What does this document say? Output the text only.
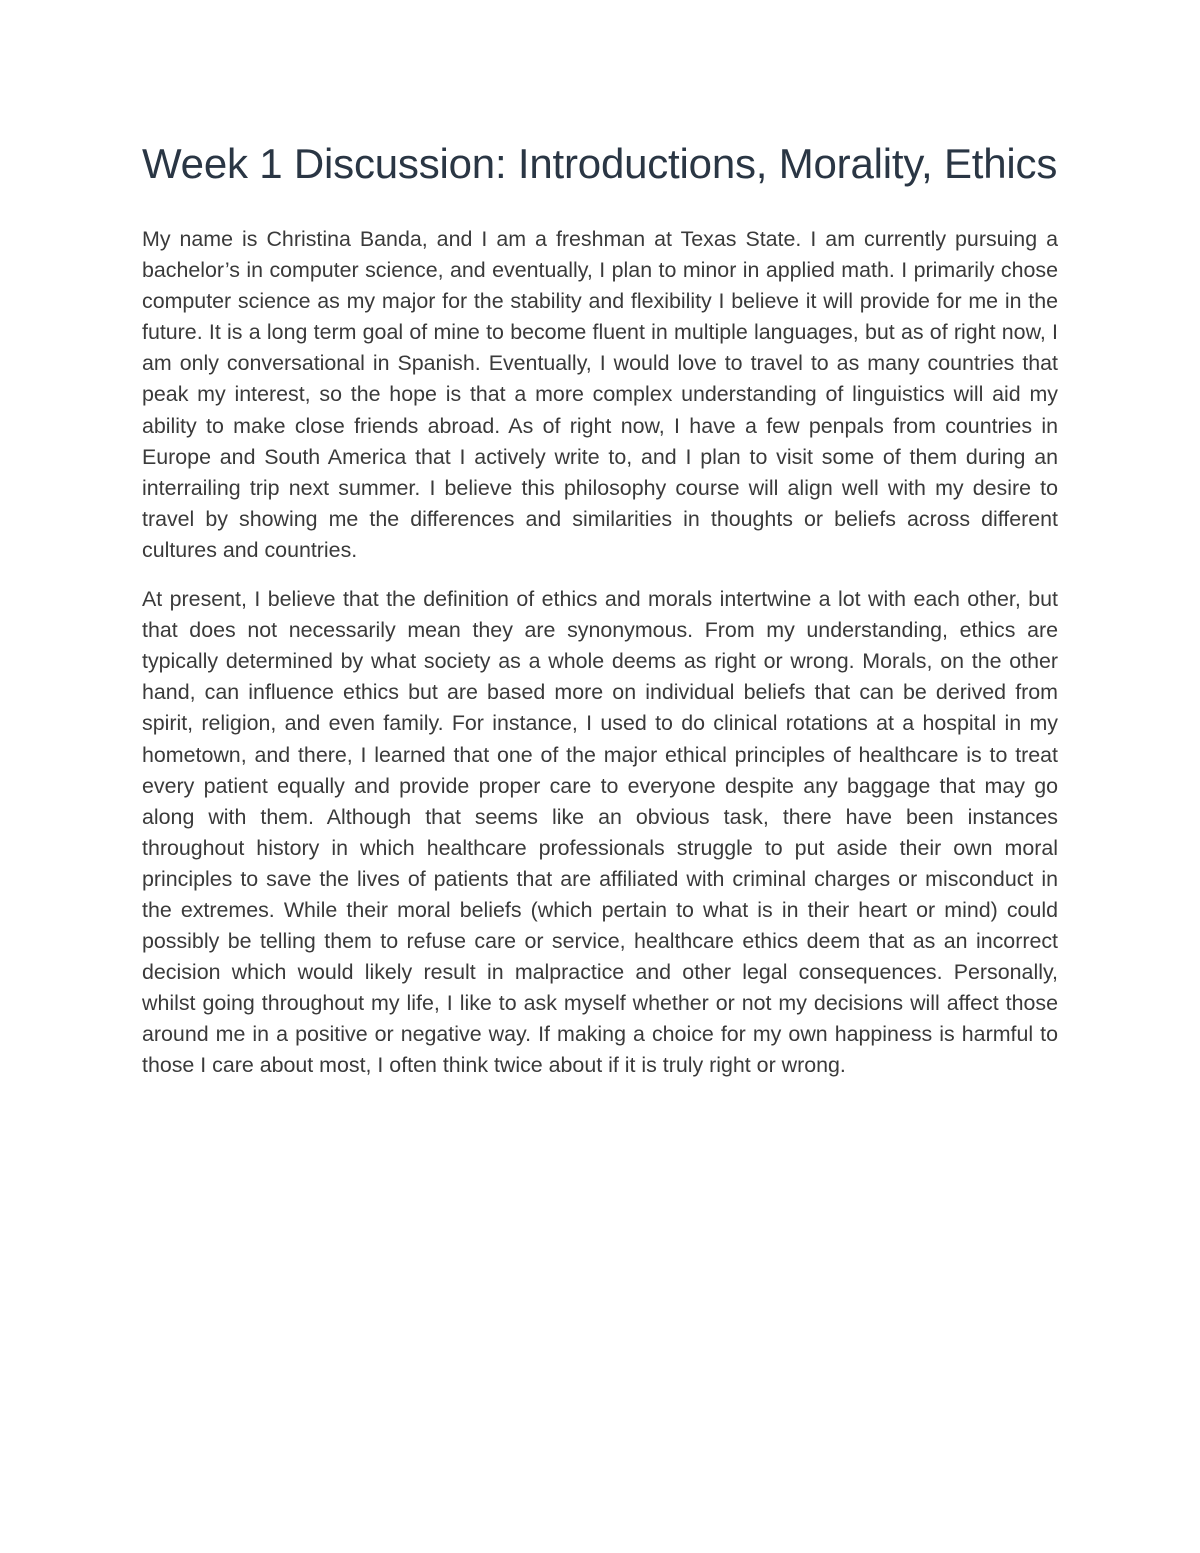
Week 1 Discussion: Introductions, Morality, Ethics

My name is Christina Banda, and I am a freshman at Texas State. I am currently pursuing a bachelor’s in computer science, and eventually, I plan to minor in applied math. I primarily chose computer science as my major for the stability and flexibility I believe it will provide for me in the future. It is a long term goal of mine to become fluent in multiple languages, but as of right now, I am only conversational in Spanish. Eventually, I would love to travel to as many countries that peak my interest, so the hope is that a more complex understanding of linguistics will aid my ability to make close friends abroad. As of right now, I have a few penpals from countries in Europe and South America that I actively write to, and I plan to visit some of them during an interrailing trip next summer. I believe this philosophy course will align well with my desire to travel by showing me the differences and similarities in thoughts or beliefs across different cultures and countries.

At present, I believe that the definition of ethics and morals intertwine a lot with each other, but that does not necessarily mean they are synonymous. From my understanding, ethics are typically determined by what society as a whole deems as right or wrong. Morals, on the other hand, can influence ethics but are based more on individual beliefs that can be derived from spirit, religion, and even family. For instance, I used to do clinical rotations at a hospital in my hometown, and there, I learned that one of the major ethical principles of healthcare is to treat every patient equally and provide proper care to everyone despite any baggage that may go along with them. Although that seems like an obvious task, there have been instances throughout history in which healthcare professionals struggle to put aside their own moral principles to save the lives of patients that are affiliated with criminal charges or misconduct in the extremes. While their moral beliefs (which pertain to what is in their heart or mind) could possibly be telling them to refuse care or service, healthcare ethics deem that as an incorrect decision which would likely result in malpractice and other legal consequences. Personally, whilst going throughout my life, I like to ask myself whether or not my decisions will affect those around me in a positive or negative way. If making a choice for my own happiness is harmful to those I care about most, I often think twice about if it is truly right or wrong.
